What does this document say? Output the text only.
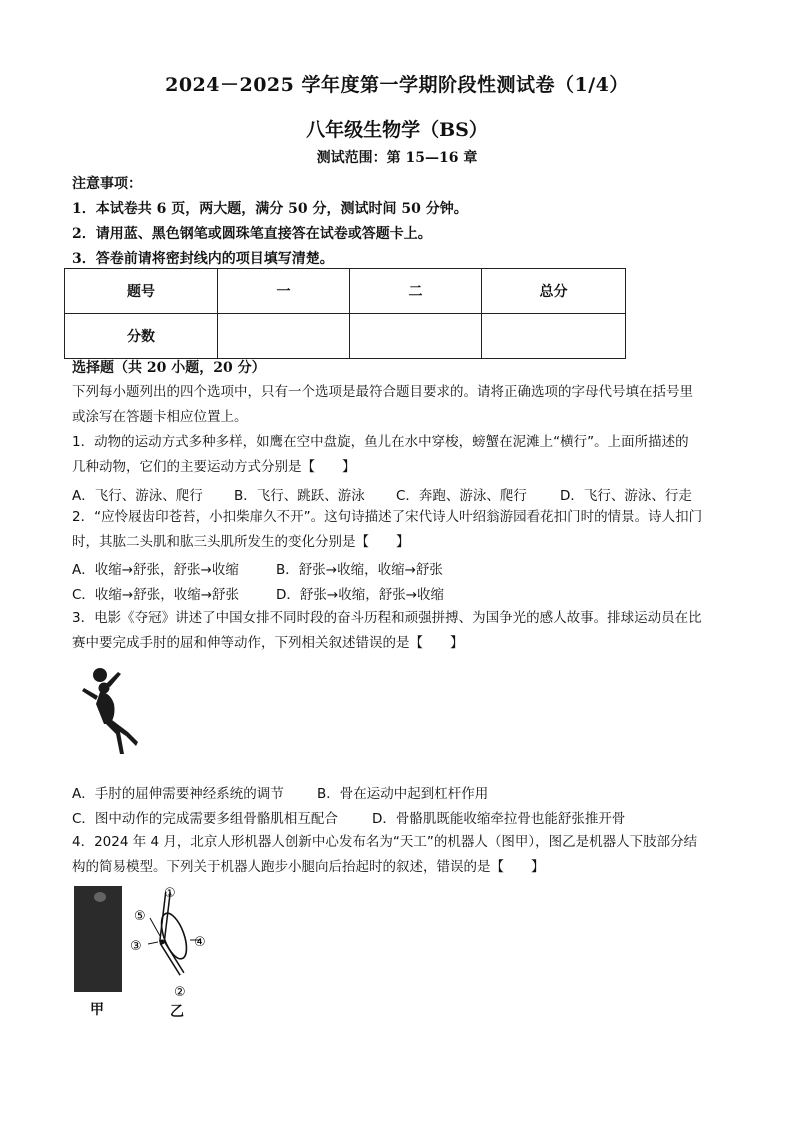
2024－2025 学年度第一学期阶段性测试卷（1/4）
八年级生物学（BS）
测试范围：第 15—16 章
注意事项：
1．本试卷共 6 页，两大题，满分 50 分，测试时间 50 分钟。
2．请用蓝、黑色钢笔或圆珠笔直接答在试卷或答题卡上。
3．答卷前请将密封线内的项目填写清楚。
题号	一	二	总分
分数			
选择题（共 20 小题，20 分）
下列每小题列出的四个选项中，只有一个选项是最符合题目要求的。请将正确选项的字母代号填在括号里
或涂写在答题卡相应位置上。
1．动物的运动方式多种多样，如鹰在空中盘旋，鱼儿在水中穿梭，螃蟹在泥滩上“横行”。上面所描述的
几种动物，它们的主要运动方式分别是【　　】
A．飞行、游泳、爬行 B．飞行、跳跃、游泳 C．奔跑、游泳、爬行 D．飞行、游泳、行走
2．“应怜屐齿印苍苔，小扣柴扉久不开”。这句诗描述了宋代诗人叶绍翁游园看花扣门时的情景。诗人扣门
时，其肱二头肌和肱三头肌所发生的变化分别是【　　】
A．收缩→舒张，舒张→收缩	B．舒张→收缩，收缩→舒张
C．收缩→舒张，收缩→舒张	D．舒张→收缩，舒张→收缩
3．电影《夺冠》讲述了中国女排不同时段的奋斗历程和顽强拼搏、为国争光的感人故事。排球运动员在比
赛中要完成手肘的屈和伸等动作，下列相关叙述错误的是【　　】
A．手肘的屈伸需要神经系统的调节 B．骨在运动中起到杠杆作用
C．图中动作的完成需要多组骨骼肌相互配合	D．骨骼肌既能收缩牵拉骨也能舒张推开骨
4．2024 年 4 月，北京人形机器人创新中心发布名为“天工”的机器人（图甲），图乙是机器人下肢部分结
构的简易模型。下列关于机器人跑步小腿向后抬起时的叙述，错误的是【　　】
甲
①
②
③	④
⑤
乙
